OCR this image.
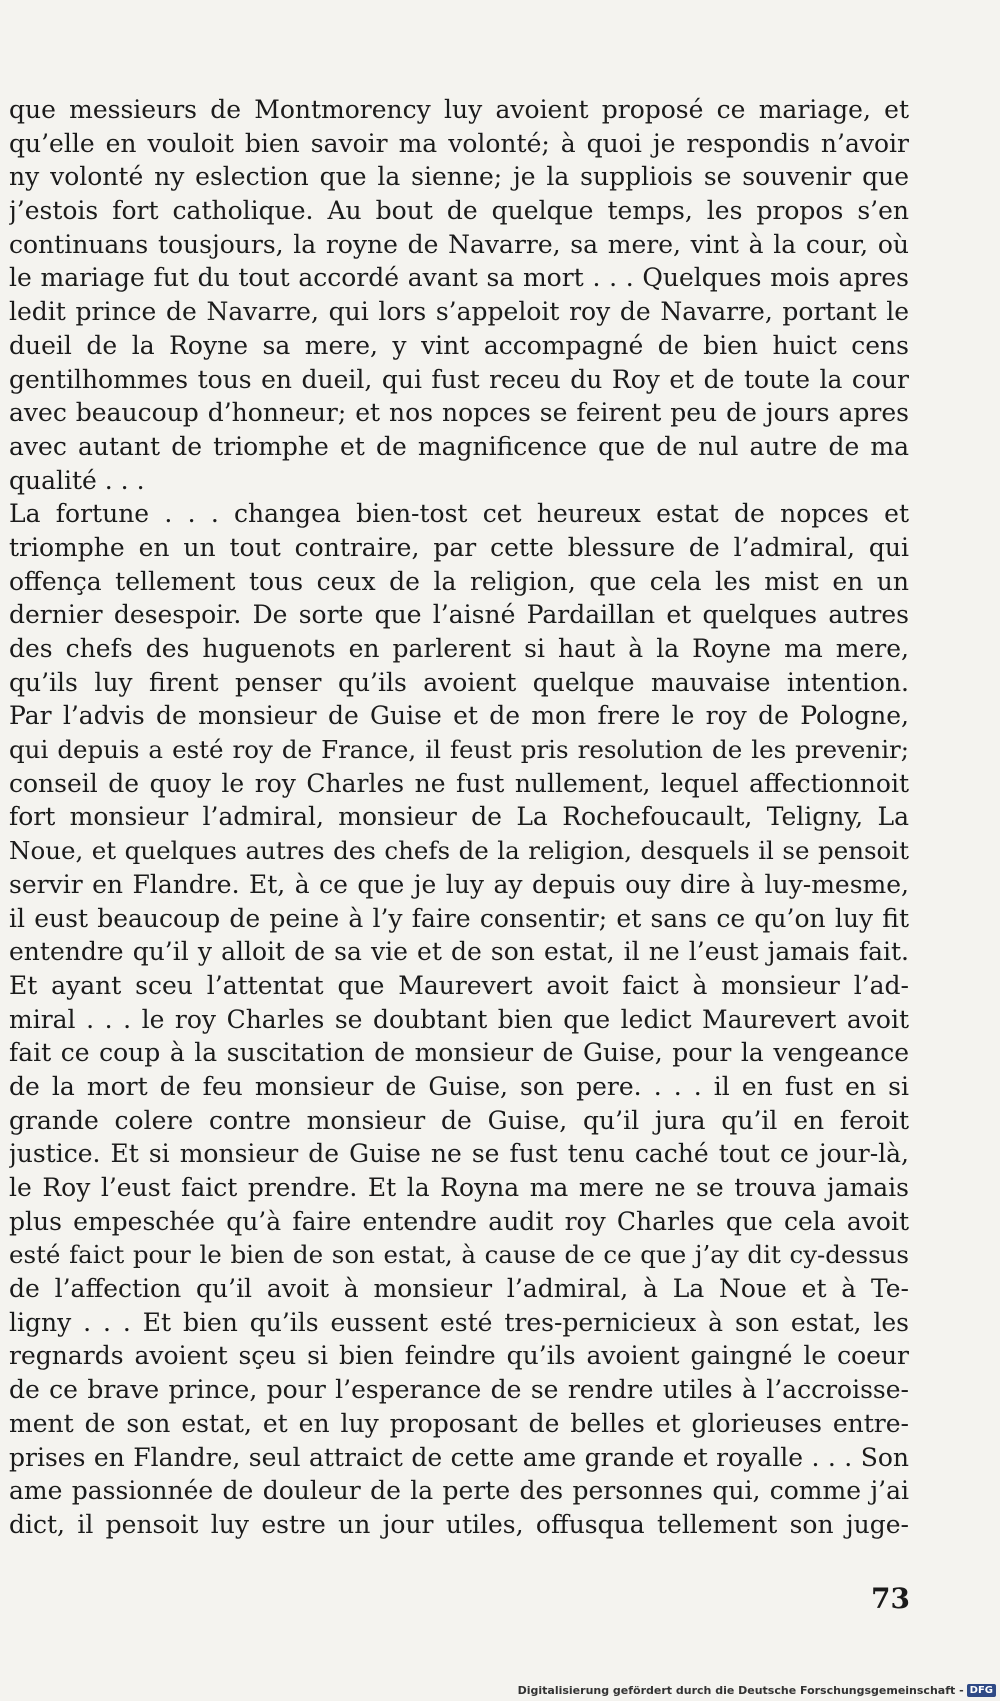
que messieurs de Montmorency luy avoient proposé ce mariage, et
qu’elle en vouloit bien savoir ma volonté; à quoi je respondis n’avoir
ny volonté ny eslection que la sienne; je la suppliois se souvenir que
j’estois fort catholique. Au bout de quelque temps, les propos s’en
continuans tousjours, la royne de Navarre, sa mere, vint à la cour, où
le mariage fut du tout accordé avant sa mort . . . Quelques mois apres
ledit prince de Navarre, qui lors s’appeloit roy de Navarre, portant le
dueil de la Royne sa mere, y vint accompagné de bien huict cens
gentilhommes tous en dueil, qui fust receu du Roy et de toute la cour
avec beaucoup d’honneur; et nos nopces se feirent peu de jours apres
avec autant de triomphe et de magnificence que de nul autre de ma
qualité . . .
La fortune . . . changea bien-tost cet heureux estat de nopces et
triomphe en un tout contraire, par cette blessure de l’admiral, qui
offença tellement tous ceux de la religion, que cela les mist en un
dernier desespoir. De sorte que l’aisné Pardaillan et quelques autres
des chefs des huguenots en parlerent si haut à la Royne ma mere,
qu’ils luy firent penser qu’ils avoient quelque mauvaise intention.
Par l’advis de monsieur de Guise et de mon frere le roy de Pologne,
qui depuis a esté roy de France, il feust pris resolution de les prevenir;
conseil de quoy le roy Charles ne fust nullement, lequel affectionnoit
fort monsieur l’admiral, monsieur de La Rochefoucault, Teligny, La
Noue, et quelques autres des chefs de la religion, desquels il se pensoit
servir en Flandre. Et, à ce que je luy ay depuis ouy dire à luy-mesme,
il eust beaucoup de peine à l’y faire consentir; et sans ce qu’on luy fit
entendre qu’il y alloit de sa vie et de son estat, il ne l’eust jamais fait.
Et ayant sceu l’attentat que Maurevert avoit faict à monsieur l’ad-
miral . . . le roy Charles se doubtant bien que ledict Maurevert avoit
fait ce coup à la suscitation de monsieur de Guise, pour la vengeance
de la mort de feu monsieur de Guise, son pere. . . . il en fust en si
grande colere contre monsieur de Guise, qu’il jura qu’il en feroit
justice. Et si monsieur de Guise ne se fust tenu caché tout ce jour-là,
le Roy l’eust faict prendre. Et la Royna ma mere ne se trouva jamais
plus empeschée qu’à faire entendre audit roy Charles que cela avoit
esté faict pour le bien de son estat, à cause de ce que j’ay dit cy-dessus
de l’affection qu’il avoit à monsieur l’admiral, à La Noue et à Te-
ligny . . . Et bien qu’ils eussent esté tres-pernicieux à son estat, les
regnards avoient sçeu si bien feindre qu’ils avoient gaingné le coeur
de ce brave prince, pour l’esperance de se rendre utiles à l’accroisse-
ment de son estat, et en luy proposant de belles et glorieuses entre-
prises en Flandre, seul attraict de cette ame grande et royalle . . . Son
ame passionnée de douleur de la perte des personnes qui, comme j’ai
dict, il pensoit luy estre un jour utiles, offusqua tellement son juge-
73
Digitalisierung gefördert durch die Deutsche Forschungsgemeinschaft - DFG
